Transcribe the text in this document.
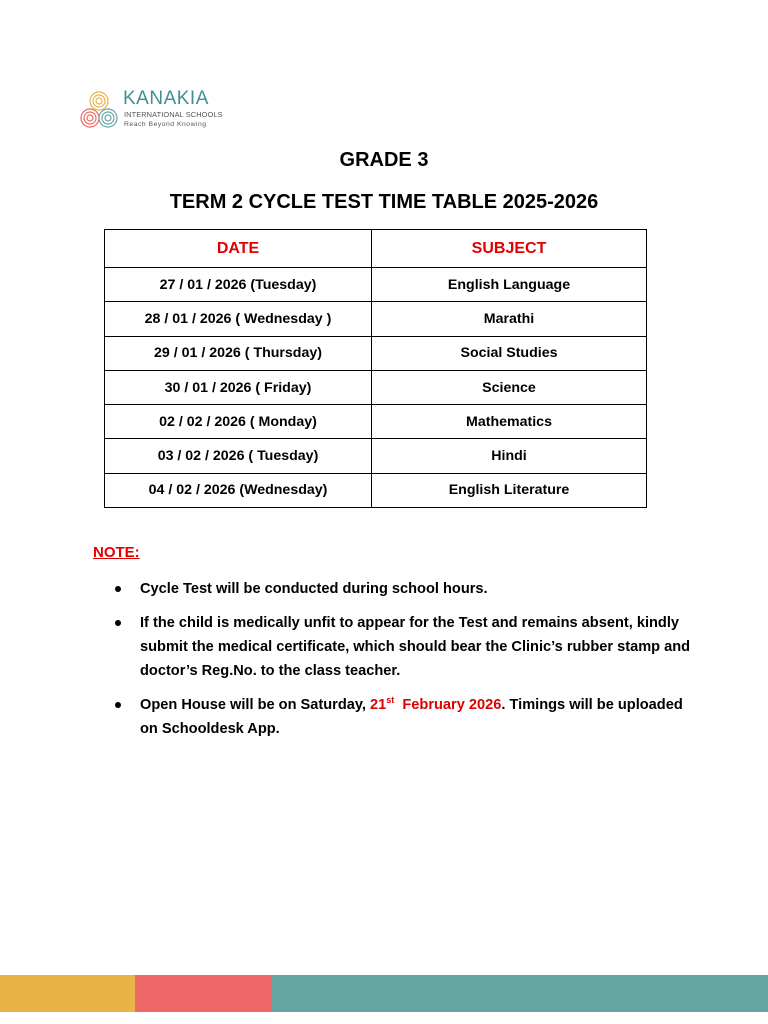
KANAKIA
INTERNATIONAL SCHOOLS
Reach Beyond Knowing
GRADE 3
TERM 2 CYCLE TEST TIME TABLE 2025-2026
DATE	SUBJECT
27 / 01 / 2026 (Tuesday)	English Language
28 / 01 / 2026 ( Wednesday )	Marathi
29 / 01 / 2026 ( Thursday)	Social Studies
30 / 01 / 2026 ( Friday)	Science
02 / 02 / 2026 ( Monday)	Mathematics
03 / 02 / 2026 ( Tuesday)	Hindi
04 / 02 / 2026 (Wednesday)	English Literature
NOTE:
Cycle Test will be conducted during school hours.
If the child is medically unfit to appear for the Test and remains absent, kindly submit the medical certificate, which should bear the Clinic’s rubber stamp and doctor’s Reg.No. to the class teacher.
Open House will be on Saturday, 21st  February 2026. Timings will be uploaded on Schooldesk App.
